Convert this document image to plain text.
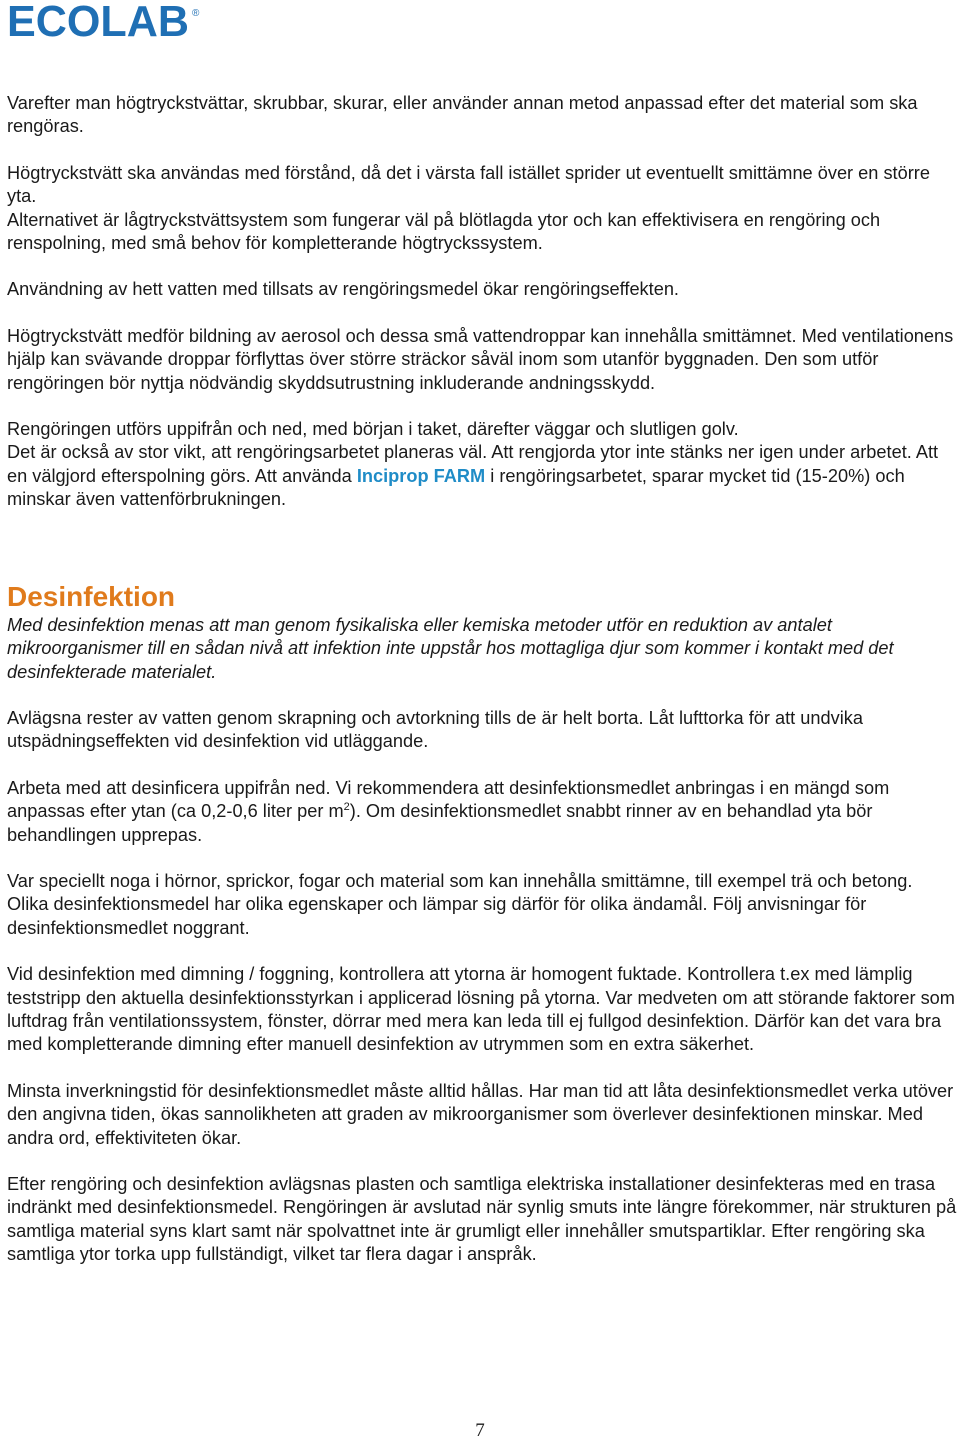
ECOLAB ®

Varefter man högtryckstvättar, skrubbar, skurar, eller använder annan metod anpassad efter det material som ska rengöras.

Högtryckstvätt ska användas med förstånd, då det i värsta fall istället sprider ut eventuellt smittämne över en större yta.

Alternativet är lågtryckstvättsystem som fungerar väl på blötlagda ytor och kan effektivisera en rengöring och renspolning, med små behov för kompletterande högtryckssystem.

Användning av hett vatten med tillsats av rengöringsmedel ökar rengöringseffekten.

Högtryckstvätt medför bildning av aerosol och dessa små vattendroppar kan innehålla smittämnet. Med ventilationens hjälp kan svävande droppar förflyttas över större sträckor såväl inom som utanför byggnaden. Den som utför rengöringen bör nyttja nödvändig skyddsutrustning inkluderande andningsskydd.

Rengöringen utförs uppifrån och ned, med början i taket, därefter väggar och slutligen golv.

Det är också av stor vikt, att rengöringsarbetet planeras väl. Att rengjorda ytor inte stänks ner igen under arbetet. Att en välgjord efterspolning görs. Att använda Inciprop FARM i rengöringsarbetet, sparar mycket tid (15-20%) och minskar även vattenförbrukningen.

Desinfektion

Med desinfektion menas att man genom fysikaliska eller kemiska metoder utför en reduktion av antalet mikroorganismer till en sådan nivå att infektion inte uppstår hos mottagliga djur som kommer i kontakt med det desinfekterade materialet.

Avlägsna rester av vatten genom skrapning och avtorkning tills de är helt borta. Låt lufttorka för att undvika utspädningseffekten vid desinfektion vid utläggande.

Arbeta med att desinficera uppifrån ned. Vi rekommendera att desinfektionsmedlet anbringas i en mängd som anpassas efter ytan (ca 0,2-0,6 liter per $m^2$). Om desinfektionsmedlet snabbt rinner av en behandlad yta bör behandlingen upprepas.

Var speciellt noga i hörnor, sprickor, fogar och material som kan innehålla smittämne, till exempel trä och betong. Olika desinfektionsmedel har olika egenskaper och lämpar sig därför för olika ändamål. Följ anvisningar för desinfektionsmedlet noggrant.

Vid desinfektion med dimning / foggning, kontrollera att ytorna är homogent fuktade. Kontrollera t.ex med lämplig teststripp den aktuella desinfektionsstyrkan i applicerad lösning på ytorna. Var medveten om att störande faktorer som luftdrag från ventilationssystem, fönster, dörrar med mera kan leda till ej fullgod desinfektion. Därför kan det vara bra med kompletterande dimning efter manuell desinfektion av utrymmen som en extra säkerhet.

Minsta inverkningstid för desinfektionsmedlet måste alltid hållas. Har man tid att låta desinfektionsmedlet verka utöver den angivna tiden, ökas sannolikheten att graden av mikroorganismer som överlever desinfektionen minskar. Med andra ord, effektiviteten ökar.

Efter rengöring och desinfektion avlägsnas plasten och samtliga elektriska installationer desinfekteras med en trasa indränkt med desinfektionsmedel. Rengöringen är avslutad när synlig smuts inte längre förekommer, när strukturen på samtliga material syns klart samt när spolvattnet inte är grumligt eller innehåller smutspartiklar. Efter rengöring ska samtliga ytor torka upp fullständigt, vilket tar flera dagar i anspråk.

7
